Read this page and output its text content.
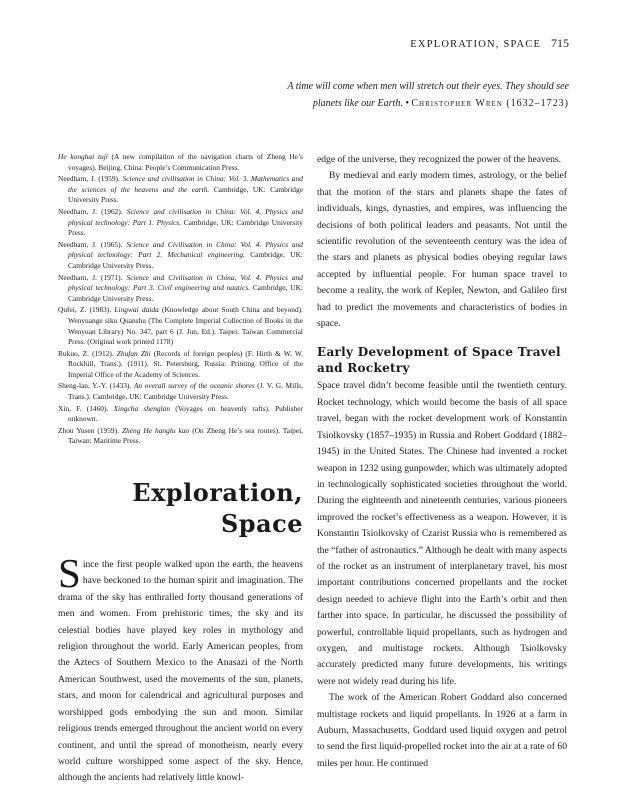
EXPLORATION, SPACE 715
A time will come when men will stretch out their eyes. They should see
planets like our Earth. • Christopher Wren (1632–1723)
He konghai tuji (A new compilation of the navigation charts of Zheng He’s voyages). Beijing, China: People’s Communication Press.
Needham, J. (1959). Science and civilisation in China: Vol. 3. Mathematics and the sciences of the heavens and the earth. Cambridge, UK: Cambridge University Press.
Needham, J. (1962). Science and civilisation in China: Vol. 4. Physics and physical technology: Part 1. Physics. Cambridge, UK: Cambridge University Press.
Needham, J. (1965). Science and Civilisation in China: Vol. 4. Physics and physical technology: Part 2. Mechanical engineering. Cambridge, UK: Cambridge University Press.
Needham, J. (1971). Science and Civilisation in China, Vol. 4. Physics and physical technology: Part 3. Civil engineering and nautics. Cambridge, UK: Cambridge University Press.
Qufei, Z. (1983). Lingwai daida (Knowledge about South China and beyond). Wenyuange siku Quanshu (The Complete Imperial Collection of Books in the Wenyuan Library) No. 347, part 6 (J. Jun, Ed.). Taipei: Taiwan Commercial Press. (Original work printed 1178)
Rukuo, Z. (1912). Zhufan Zhi (Records of foreign peoples) (F. Hirth & W. W. Rockhill, Trans.). (1911). St. Petersburg, Russia: Printing Office of the Imperial Office of the Academy of Sciences.
Sheng-lan, Y.-Y. (1433). An overall survey of the oceanic shores (J. V. G. Mills, Trans.). Cambridge, UK: Cambridge University Press.
Xin, F. (1460). Xingcha shenglan (Voyages on heavenly rafts). Publisher unknown.
Zhou Yusen (1959). Zheng He hanglu kao (On Zheng He’s sea routes). Taipei, Taiwan: Maritime Press.
Exploration,
Space

Since the first people walked upon the earth, the heavens have beckoned to the human spirit and imagination. The drama of the sky has enthralled forty thousand generations of men and women. From prehistoric times, the sky and its celestial bodies have played key roles in mythology and religion throughout the world. Early American peoples, from the Aztecs of Southern Mexico to the Anasazi of the North American Southwest, used the movements of the sun, planets, stars, and moon for calendrical and agricultural purposes and worshipped gods embodying the sun and moon. Similar religious trends emerged throughout the ancient world on every continent, and until the spread of monotheism, nearly every world culture worshipped some aspect of the sky. Hence, although the ancients had relatively little knowl-

edge of the universe, they recognized the power of the heavens.

By medieval and early modern times, astrology, or the belief that the motion of the stars and planets shape the fates of individuals, kings, dynasties, and empires, was influencing the decisions of both political leaders and peasants. Not until the scientific revolution of the seventeenth century was the idea of the stars and planets as physical bodies obeying regular laws accepted by influential people. For human space travel to become a reality, the work of Kepler, Newton, and Galileo first had to predict the movements and characteristics of bodies in space.

Early Development of Space Travel and Rocketry

Space travel didn’t become feasible until the twentieth century. Rocket technology, which would become the basis of all space travel, began with the rocket development work of Konstantin Tsiolkovsky (1857–1935) in Russia and Robert Goddard (1882–1945) in the United States. The Chinese had invented a rocket weapon in 1232 using gunpowder, which was ultimately adopted in technologically sophisticated societies throughout the world. During the eighteenth and nineteenth centuries, various pioneers improved the rocket’s effectiveness as a weapon. However, it is Konstantin Tsiolkovsky of Czarist Russia who is remembered as the “father of astronautics.” Although he dealt with many aspects of the rocket as an instrument of interplanetary travel, his most important contributions concerned propellants and the rocket design needed to achieve flight into the Earth’s orbit and then farther into space. In particular, he discussed the possibility of powerful, controllable liquid propellants, such as hydrogen and oxygen, and multistage rockets. Although Tsiolkovsky accurately predicted many future developments, his writings were not widely read during his life.

The work of the American Robert Goddard also concerned multistage rockets and liquid propellants. In 1926 at a farm in Auburn, Massachusetts, Goddard used liquid oxygen and petrol to send the first liquid-propelled rocket into the air at a rate of 60 miles per hour. He continued
